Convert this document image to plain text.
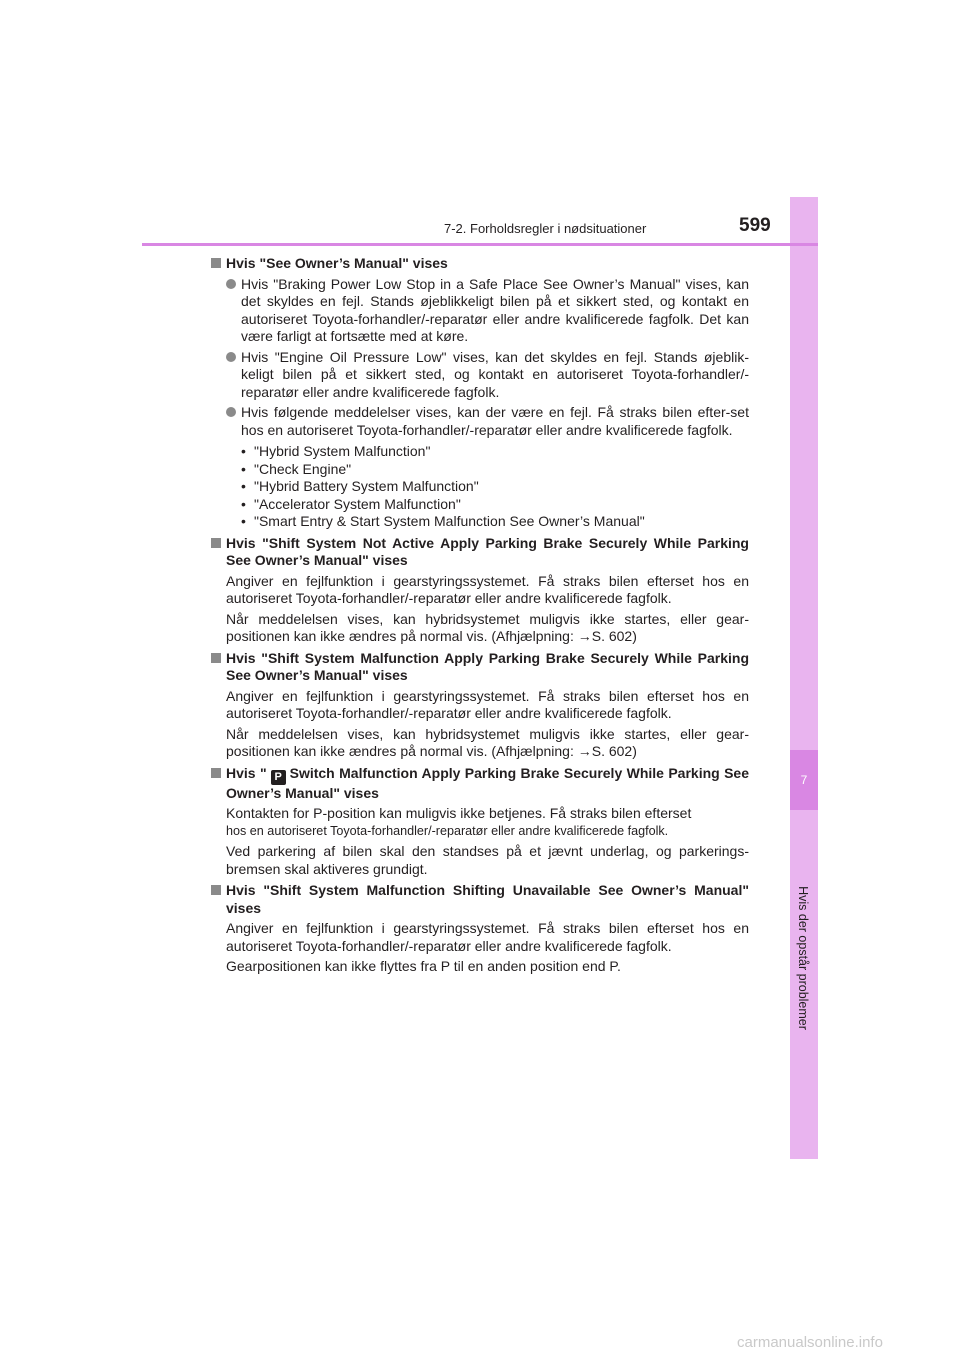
7
Hvis der opstår problemer
7-2. Forholdsregler i nødsituationer	599
Hvis "See Owner’s Manual" vises
Hvis "Braking Power Low Stop in a Safe Place See Owner’s Manual" vises, kan det skyldes en fejl. Stands øjeblikkeligt bilen på et sikkert sted, og kontakt en autoriseret Toyota-forhandler/-reparatør eller andre kvalificerede fagfolk. Det kan være farligt at fortsætte med at køre.
Hvis "Engine Oil Pressure Low" vises, kan det skyldes en fejl. Stands øjeblik-keligt bilen på et sikkert sted, og kontakt en autoriseret Toyota-forhandler/-reparatør eller andre kvalificerede fagfolk.
Hvis følgende meddelelser vises, kan der være en fejl. Få straks bilen efter-set hos en autoriseret Toyota-forhandler/-reparatør eller andre kvalificerede fagfolk.
• "Hybrid System Malfunction"
• "Check Engine"
• "Hybrid Battery System Malfunction"
• "Accelerator System Malfunction"
• "Smart Entry & Start System Malfunction See Owner’s Manual"
Hvis "Shift System Not Active Apply Parking Brake Securely While Parking See Owner’s Manual" vises
Angiver en fejlfunktion i gearstyringssystemet. Få straks bilen efterset hos en autoriseret Toyota-forhandler/-reparatør eller andre kvalificerede fagfolk.
Når meddelelsen vises, kan hybridsystemet muligvis ikke startes, eller gear-positionen kan ikke ændres på normal vis. (Afhjælpning: →S. 602)
Hvis "Shift System Malfunction Apply Parking Brake Securely While Parking See Owner’s Manual" vises
Angiver en fejlfunktion i gearstyringssystemet. Få straks bilen efterset hos en autoriseret Toyota-forhandler/-reparatør eller andre kvalificerede fagfolk.
Når meddelelsen vises, kan hybridsystemet muligvis ikke startes, eller gear-positionen kan ikke ændres på normal vis. (Afhjælpning: →S. 602)
Hvis " P Switch Malfunction Apply Parking Brake Securely While Parking See Owner’s Manual" vises
Kontakten for P-position kan muligvis ikke betjenes. Få straks bilen efterset
hos en autoriseret Toyota-forhandler/-reparatør eller andre kvalificerede fagfolk.
Ved parkering af bilen skal den standses på et jævnt underlag, og parkerings-bremsen skal aktiveres grundigt.
Hvis "Shift System Malfunction Shifting Unavailable See Owner’s Manual" vises
Angiver en fejlfunktion i gearstyringssystemet. Få straks bilen efterset hos en autoriseret Toyota-forhandler/-reparatør eller andre kvalificerede fagfolk.
Gearpositionen kan ikke flyttes fra P til en anden position end P.
carmanualsonline.info
